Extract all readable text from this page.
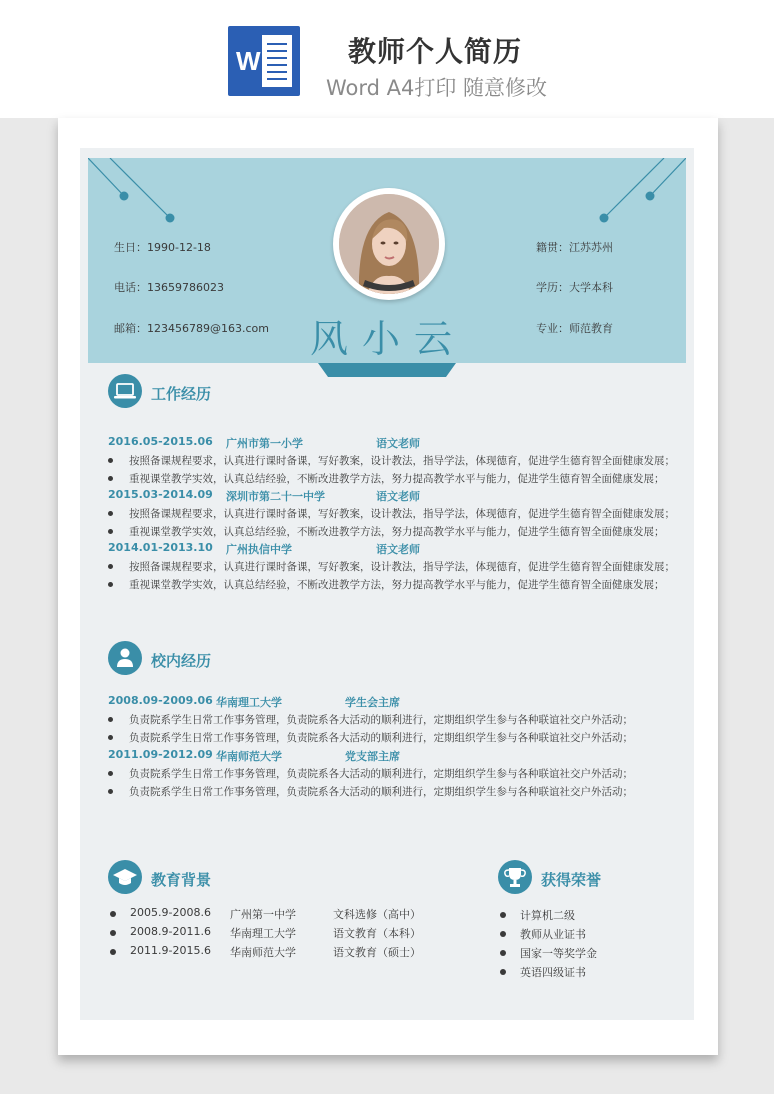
W	教师个人简历
Word A4打印 随意修改
生日：1990-12-18
电话：13659786023
邮箱：123456789@163.com
籍贯：江苏苏州
学历：大学本科
专业：师范教育
风小云
工作经历
2016.05-2015.06 广州市第一小学	语文老师
按照备课规程要求，认真进行课时备课，写好教案，设计教法，指导学法，体现德育，促进学生德育智全面健康发展；
重视课堂教学实效，认真总结经验，不断改进教学方法，努力提高教学水平与能力，促进学生德育智全面健康发展；
2015.03-2014.09 深圳市第二十一中学	语文老师
按照备课规程要求，认真进行课时备课，写好教案，设计教法，指导学法，体现德育，促进学生德育智全面健康发展；
重视课堂教学实效，认真总结经验，不断改进教学方法，努力提高教学水平与能力，促进学生德育智全面健康发展；
2014.01-2013.10 广州执信中学	语文老师
按照备课规程要求，认真进行课时备课，写好教案，设计教法，指导学法，体现德育，促进学生德育智全面健康发展；
重视课堂教学实效，认真总结经验，不断改进教学方法，努力提高教学水平与能力，促进学生德育智全面健康发展；
校内经历
2008.09-2009.06 华南理工大学	学生会主席
负责院系学生日常工作事务管理，负责院系各大活动的顺利进行，定期组织学生参与各种联谊社交户外活动；
负责院系学生日常工作事务管理，负责院系各大活动的顺利进行，定期组织学生参与各种联谊社交户外活动；
2011.09-2012.09 华南师范大学	党支部主席
负责院系学生日常工作事务管理，负责院系各大活动的顺利进行，定期组织学生参与各种联谊社交户外活动；
负责院系学生日常工作事务管理，负责院系各大活动的顺利进行，定期组织学生参与各种联谊社交户外活动；
教育背景
2005.9-2008.6 广州第一中学	文科选修（高中）
2008.9-2011.6 华南理工大学	语文教育（本科）
2011.9-2015.6 华南师范大学	语文教育（硕士）
获得荣誉
计算机二级
教师从业证书
国家一等奖学金
英语四级证书
